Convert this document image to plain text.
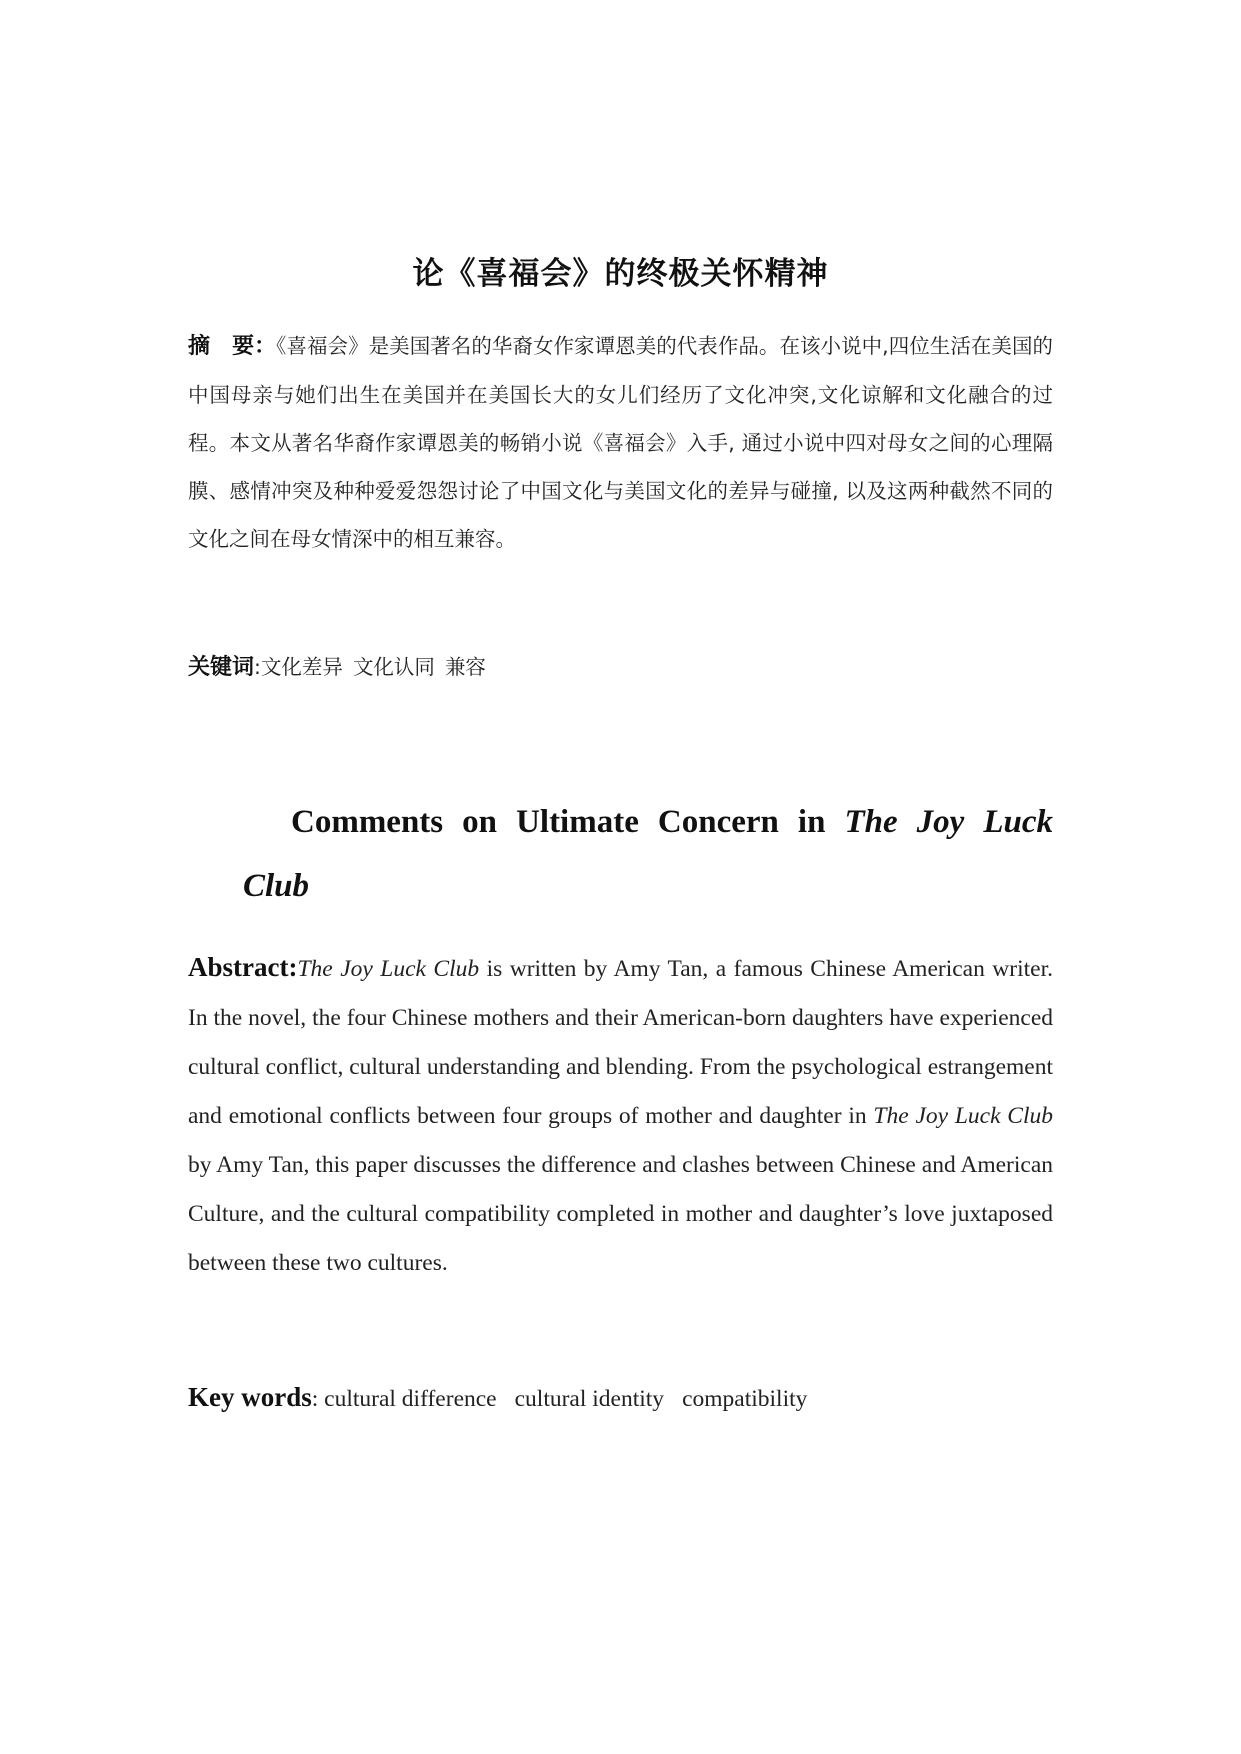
论《喜福会》的终极关怀精神

摘　要：《喜福会》是美国著名的华裔女作家谭恩美的代表作品。在该小说中,四位生活在美国的中国母亲与她们出生在美国并在美国长大的女儿们经历了文化冲突,文化谅解和文化融合的过程。本文从著名华裔作家谭恩美的畅销小说《喜福会》入手, 通过小说中四对母女之间的心理隔膜、感情冲突及种种爱爱怨怨讨论了中国文化与美国文化的差异与碰撞, 以及这两种截然不同的文化之间在母女情深中的相互兼容。

关键词:文化差异 文化认同 兼容
Comments on Ultimate Concern in The Joy Luck Club

Abstract:The Joy Luck Club is written by Amy Tan, a famous Chinese American writer. In the novel, the four Chinese mothers and their American-born daughters have experienced cultural conflict, cultural understanding and blending. From the psychological estrangement and emotional conflicts between four groups of mother and daughter in The Joy Luck Club by Amy Tan, this paper discusses the difference and clashes between Chinese and American Culture, and the cultural compatibility completed in mother and daughter’s love juxtaposed between these two cultures.

Key words: cultural difference cultural identity compatibility
